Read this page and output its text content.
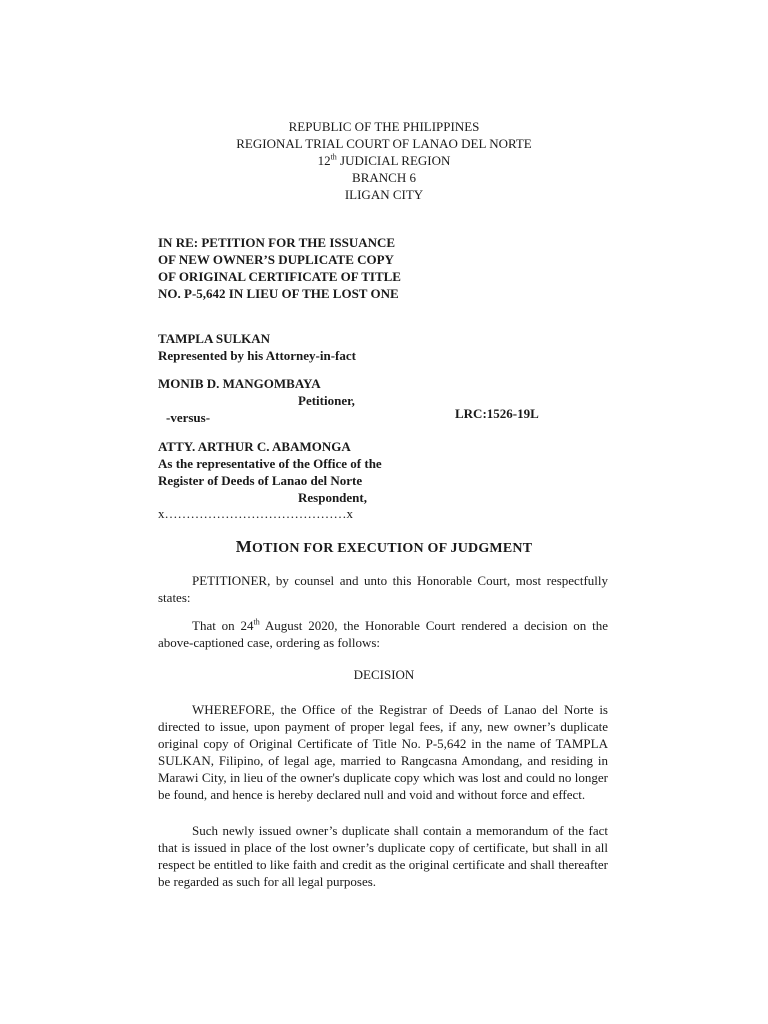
REPUBLIC OF THE PHILIPPINES
REGIONAL TRIAL COURT OF LANAO DEL NORTE
12th JUDICIAL REGION
BRANCH 6
ILIGAN CITY
IN RE: PETITION FOR THE ISSUANCE
OF NEW OWNER’S DUPLICATE COPY
OF ORIGINAL CERTIFICATE OF TITLE
NO. P-5,642 IN LIEU OF THE LOST ONE
TAMPLA SULKAN
Represented by his Attorney-in-fact
MONIB D. MANGOMBAYA
Petitioner,
-versus-	LRC:1526-19L
ATTY. ARTHUR C. ABAMONGA
As the representative of the Office of the
Register of Deeds of Lanao del Norte
Respondent,
x……………………………………x
MOTION FOR EXECUTION OF JUDGMENT
PETITIONER, by counsel and unto this Honorable Court, most respectfully states:
That on 24th August 2020, the Honorable Court rendered a decision on the above-captioned case, ordering as follows:
DECISION
WHEREFORE, the Office of the Registrar of Deeds of Lanao del Norte is directed to issue, upon payment of proper legal fees, if any, new owner’s duplicate original copy of Original Certificate of Title No. P-5,642 in the name of TAMPLA SULKAN, Filipino, of legal age, married to Rangcasna Amondang, and residing in Marawi City, in lieu of the owner's duplicate copy which was lost and could no longer be found, and hence is hereby declared null and void and without force and effect.
Such newly issued owner’s duplicate shall contain a memorandum of the fact that is issued in place of the lost owner’s duplicate copy of certificate, but shall in all respect be entitled to like faith and credit as the original certificate and shall thereafter be regarded as such for all legal purposes.
